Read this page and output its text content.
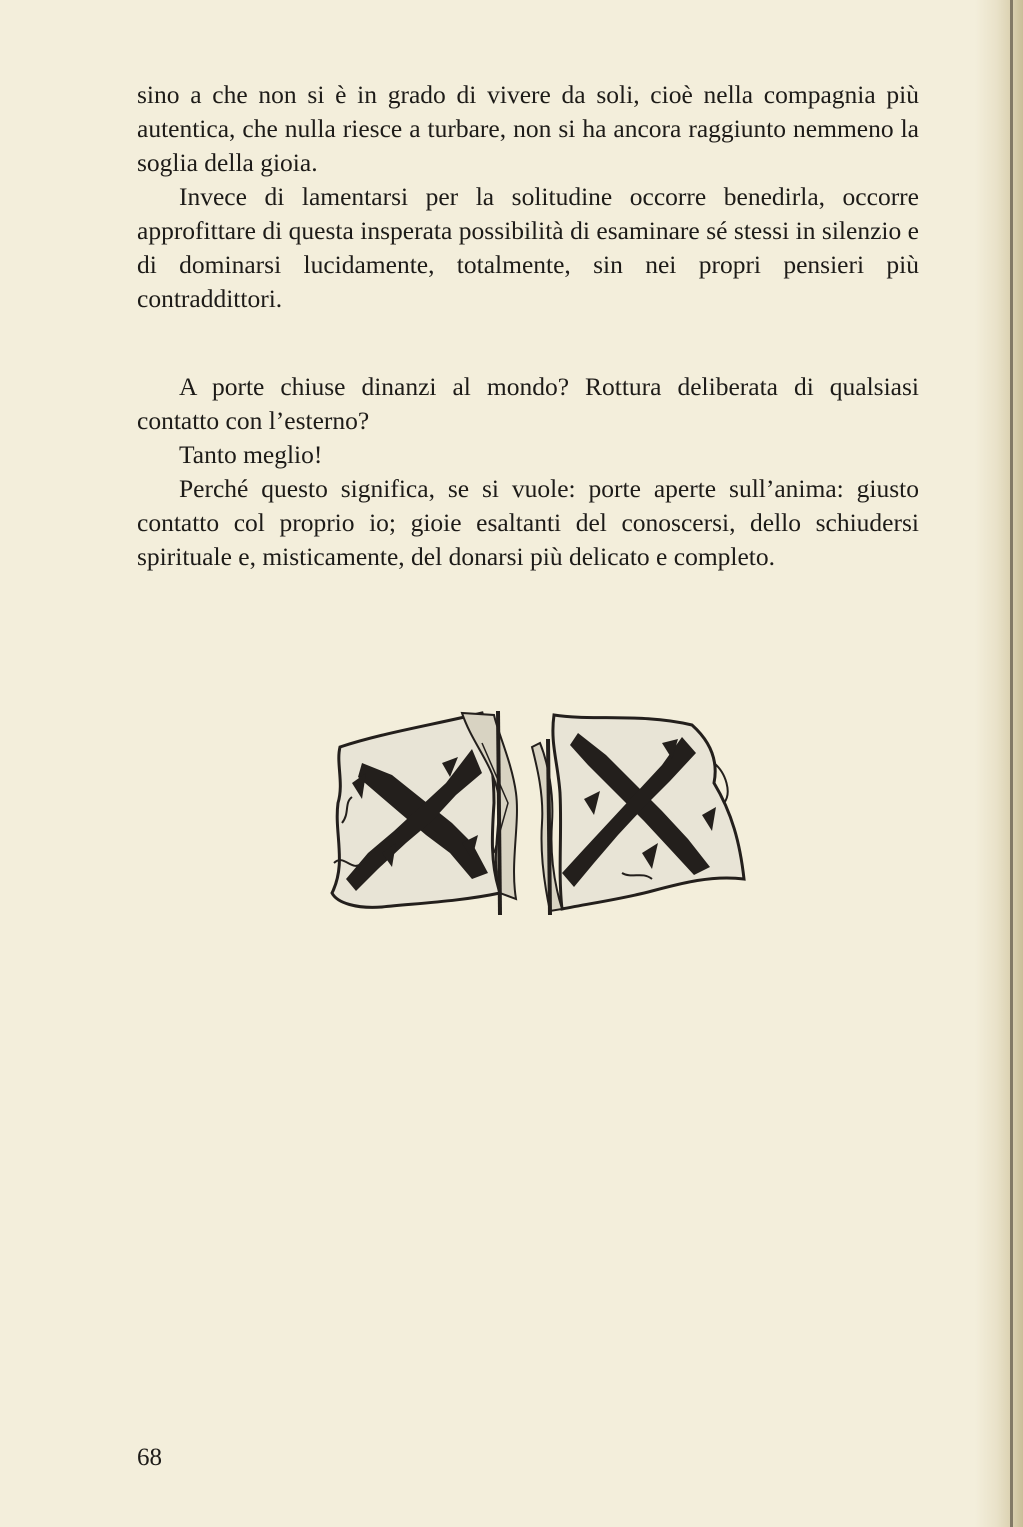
sino a che non si è in grado di vivere da soli, cioè nella compagnia più autentica, che nulla riesce a turbare, non si ha ancora raggiunto nemmeno la soglia della gioia.

Invece di lamentarsi per la solitudine occorre benedirla, occorre approfittare di questa insperata possibilità di esaminare sé stessi in silenzio e di dominarsi lucidamente, totalmente, sin nei propri pensieri più contraddittori.

A porte chiuse dinanzi al mondo? Rottura deliberata di qualsiasi contatto con l’esterno?

Tanto meglio!

Perché questo significa, se si vuole: porte aperte sull’anima: giusto contatto col proprio io; gioie esaltanti del conoscersi, dello schiudersi spirituale e, misticamente, del donarsi più delicato e completo.

68
